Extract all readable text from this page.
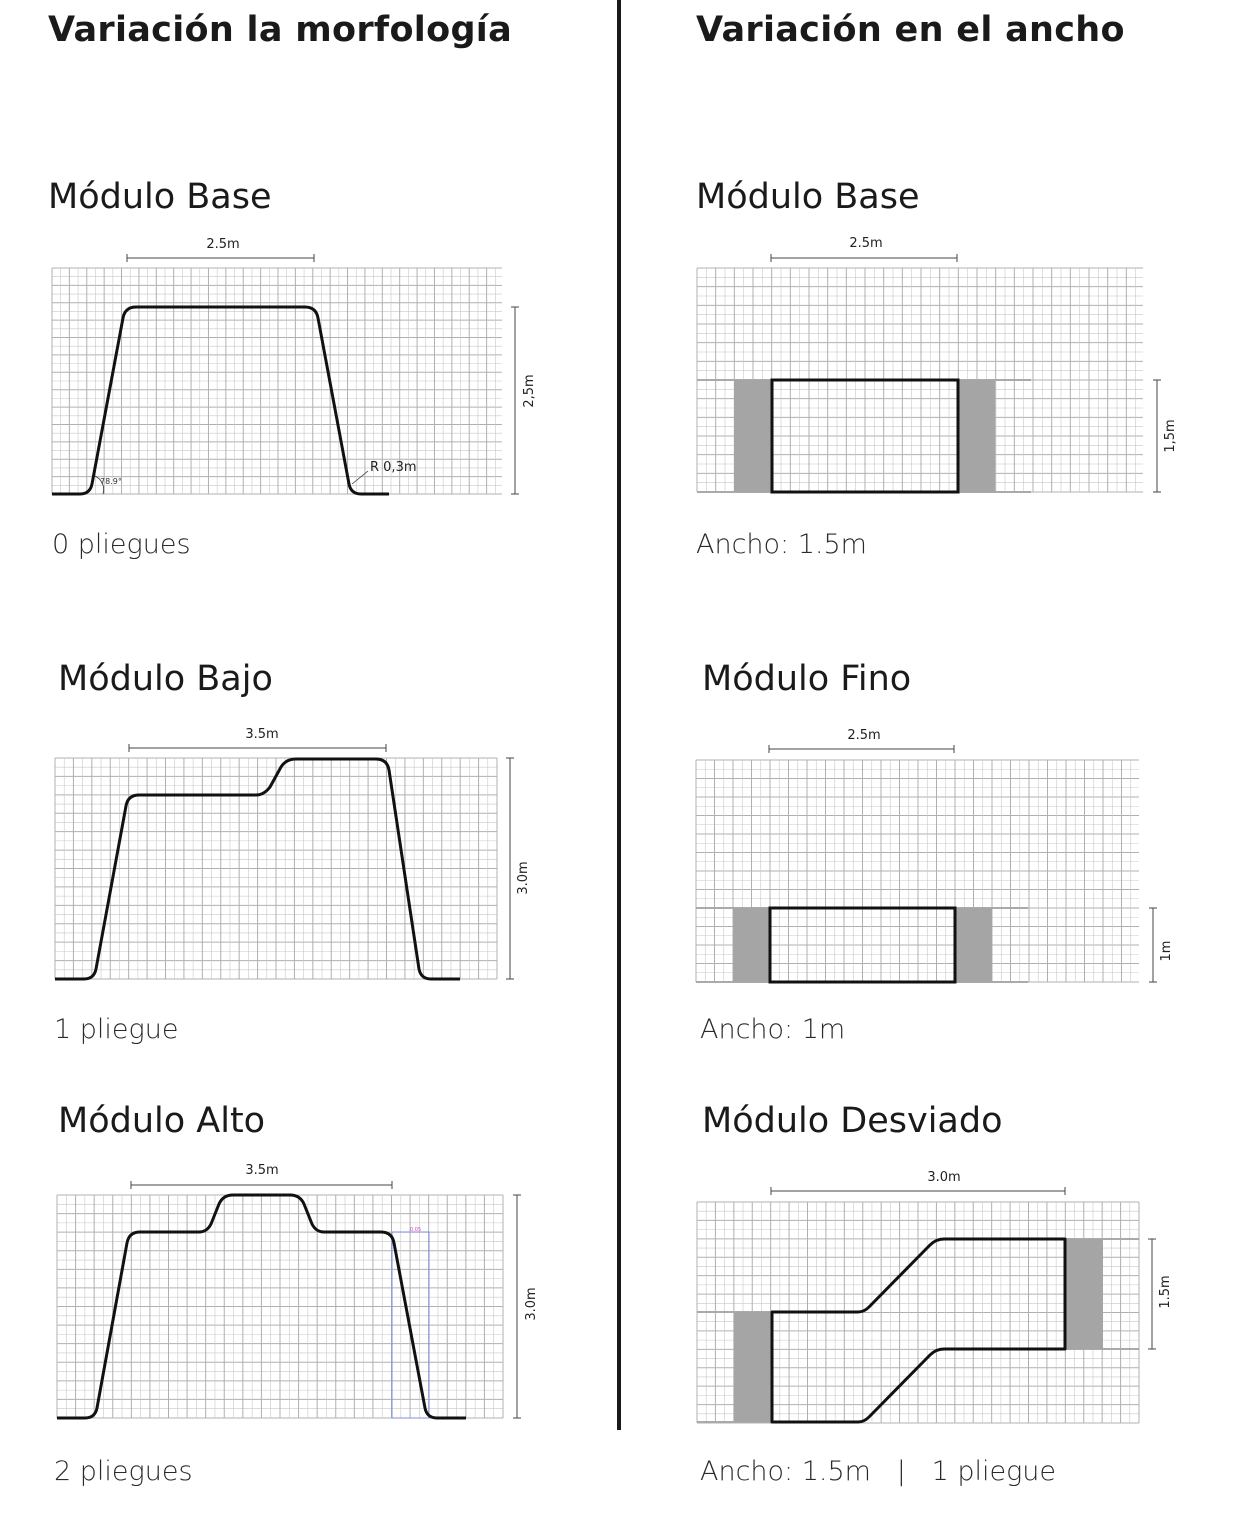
Variación la morfología	Variación en el ancho
Módulo Base
2.5m
2,5m
78.9°
R 0,3m
0 pliegues
Módulo Bajo
3.5m
3.0m
1 pliegue
Módulo Alto
3.5m
3.0m
0.05
2 pliegues
Módulo Base
2.5m
1,5m
Ancho: 1.5m
Módulo Fino
2.5m
1m
Ancho: 1m
Módulo Desviado
3.0m
1.5m
Ancho: 1.5m   |   1 pliegue
